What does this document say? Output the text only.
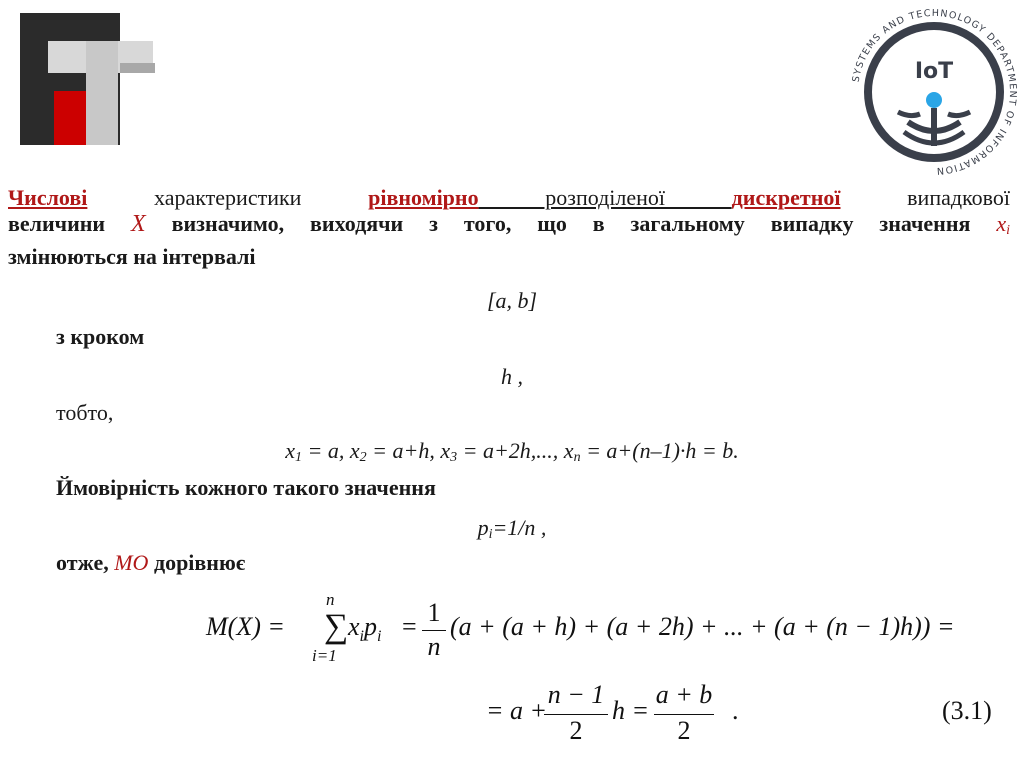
SYSTEMS AND TECHNOLOGY DEPARTMENT OF INFORMATION
IoT
Числові	характеристики	рівномірно розподіленої дискретної	випадкової
величини X визначимо, виходячи з того, що в загальному випадку значення $x_i$
змінюються на інтервалі
[a, b]
з кроком
h ,
тобто,
$x_1 = a$, $x_2 = a+h$, $x_3 = a+2h$,..., $x_n = a+(n-1)\cdot h = b$.
Ймовірність кожного такого значення
$p_i=1/n$ ,
отже, МО дорівнює
M(X) = ∑
n
i=1
$x_ip_i = 1$
n
(a + (a + h) + (a + 2h) + ... + (a + (n − 1)h)) =
= a +
n − 1
2
h =
a + b
2
.	(3.1)
